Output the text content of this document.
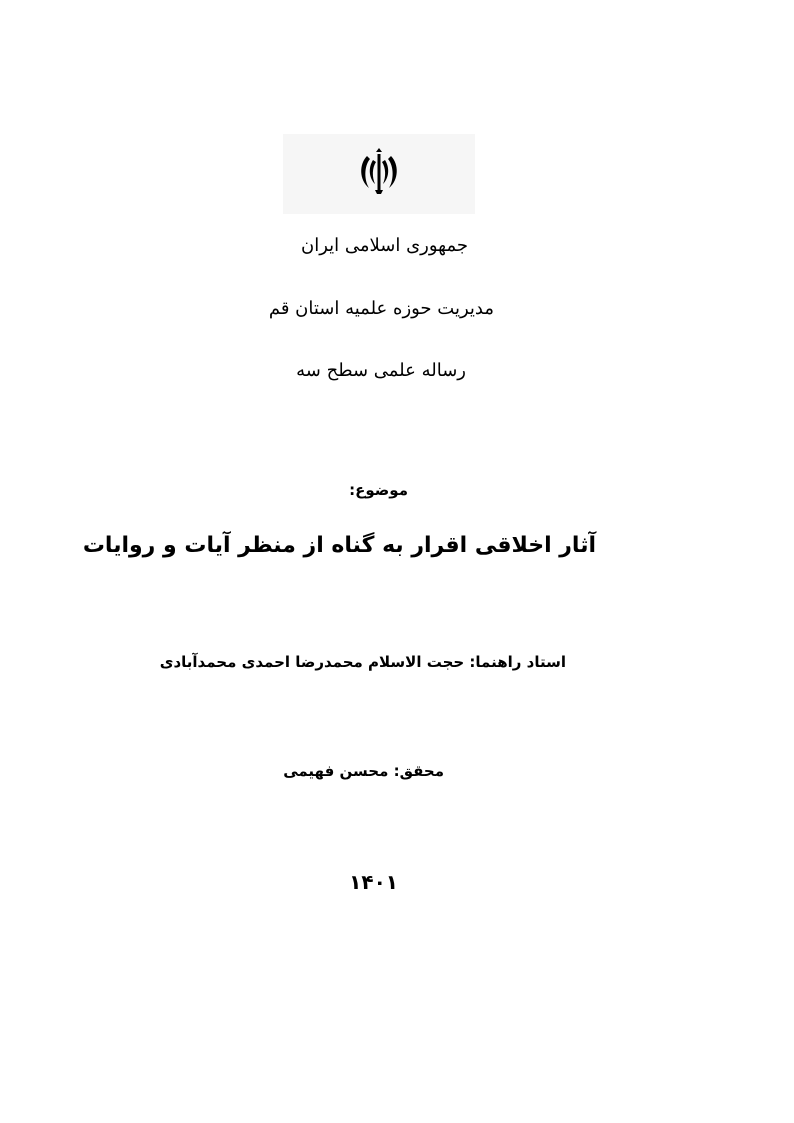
جمهوری اسلامی ایران
مدیریت حوزه علمیه استان قم
رساله علمی سطح سه
موضوع:
آثار اخلاقی اقرار به گناه از منظر آیات و روایات
استاد راهنما: حجت الاسلام محمدرضا احمدی محمدآبادی
محقق: محسن فهیمی
۱۴۰۱
